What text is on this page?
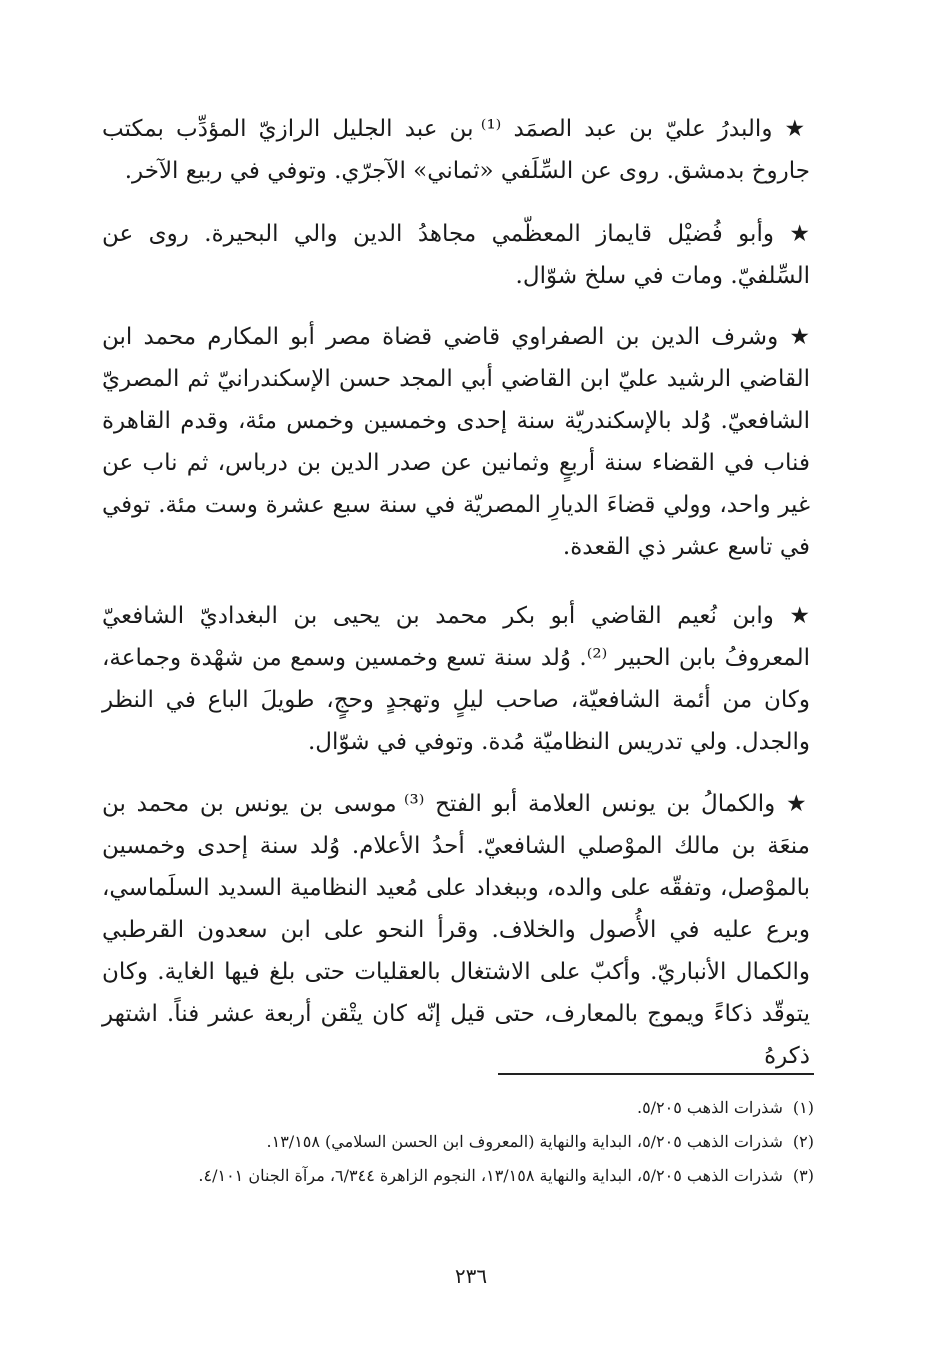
★ والبدرُ عليّ بن عبد الصمَد ⁽¹⁾ بن عبد الجليل الرازيّ المؤدِّب بمكتب جاروخ بدمشق. روى عن السِّلَفي «ثماني» الآجرّي. وتوفي في ربيع الآخر.

★ وأبو فُضيْل قايماز المعظّمي مجاهدُ الدين والي البحيرة. روى عن السِّلفيّ. ومات في سلخ شوّال.

★ وشرف الدين بن الصفراوي قاضي قضاة مصر أبو المكارم محمد ابن القاضي الرشيد عليّ ابن القاضي أبي المجد حسن الإسكندرانيّ ثم المصريّ الشافعيّ. وُلد بالإسكندريّة سنة إحدى وخمسين وخمس مئة، وقدم القاهرة فناب في القضاء سنة أربعٍ وثمانين عن صدر الدين بن درباس، ثم ناب عن غير واحد، وولي قضاءَ الديارِ المصريّة في سنة سبع عشرة وست مئة. توفي في تاسع عشر ذي القعدة.

★ وابن نُعيم القاضي أبو بكر محمد بن يحيى بن البغداديّ الشافعيّ المعروفُ بابن الحبير ⁽²⁾. وُلد سنة تسع وخمسين وسمع من شهْدة وجماعة، وكان من أئمة الشافعيّة، صاحب ليلٍ وتهجدٍ وحجٍ، طويلَ الباع في النظر والجدل. ولي تدريس النظاميّة مُدة. وتوفي في شوّال.

★ والكمالُ بن يونس العلامة أبو الفتح ⁽³⁾ موسى بن يونس بن محمد بن منعَة بن مالك الموْصلي الشافعيّ. أحدُ الأعلام. وُلد سنة إحدى وخمسين بالموْصل، وتفقّه على والده، وببغداد على مُعيد النظامية السديد السلَماسي، وبرع عليه في الأُصول والخلاف. وقرأ النحو على ابن سعدون القرطبي والكمال الأنباريّ. وأكبّ على الاشتغال بالعقليات حتى بلغ فيها الغاية. وكان يتوقّد ذكاءً ويموج بالمعارف، حتى قيل إنّه كان يتْقن أربعة عشر فناً. اشتهر ذكرهُ

(١)شذرات الذهب ٥/٢٠٥.

(٢)شذرات الذهب ٥/٢٠٥، البداية والنهاية (المعروف ابن الحسن السلامي) ١٣/١٥٨.

(٣)شذرات الذهب ٥/٢٠٥، البداية والنهاية ١٣/١٥٨، النجوم الزاهرة ٦/٣٤٤، مرآة الجنان ٤/١٠١.

٢٣٦
